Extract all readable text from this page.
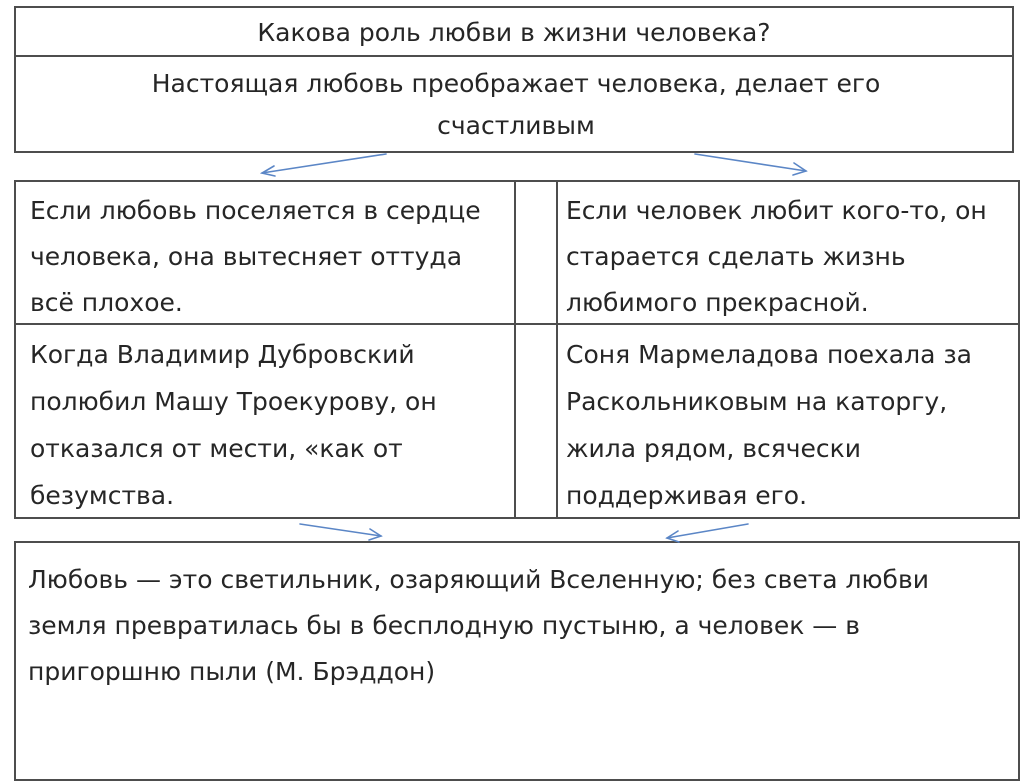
Какова роль любви в жизни человека?
Настоящая любовь преображает человека, делает его счастливым
Если любовь поселяется в сердце человека, она вытесняет оттуда всё плохое.
Если человек любит кого-то, он старается сделать жизнь любимого прекрасной.
Когда Владимир Дубровский полюбил Машу Троекурову, он отказался от мести, «как от безумства.
Соня Мармеладова поехала за Раскольниковым на каторгу, жила рядом, всячески поддерживая его.
Любовь — это светильник, озаряющий Вселенную; без света любви земля превратилась бы в бесплодную пустыню, а человек — в пригоршню пыли (М. Брэддон)
